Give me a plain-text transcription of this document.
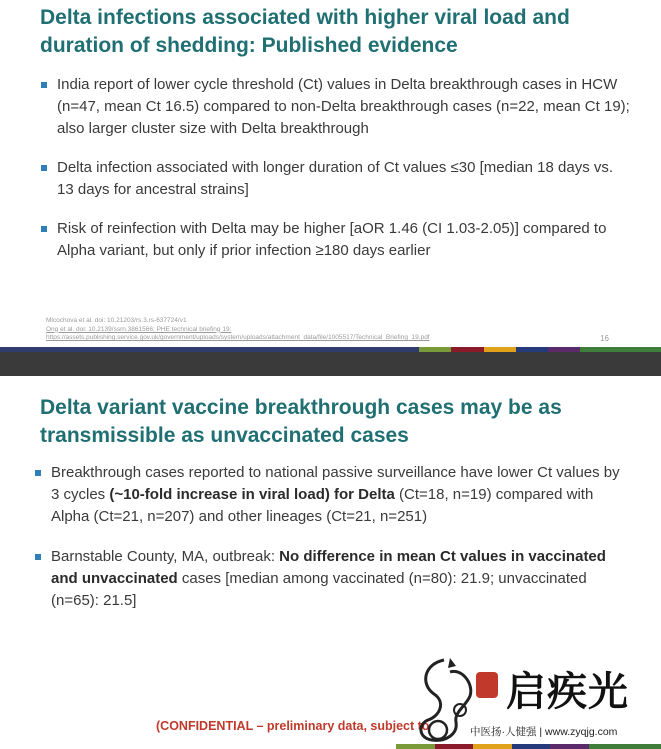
Delta infections associated with higher viral load and
duration of shedding: Published evidence
India report of lower cycle threshold (Ct) values in Delta breakthrough cases in HCW (n=47, mean Ct 16.5) compared to non-Delta breakthrough cases (n=22, mean Ct 19); also larger cluster size with Delta breakthrough
Delta infection associated with longer duration of Ct values ≤30 [median 18 days vs. 13 days for ancestral strains]
Risk of reinfection with Delta may be higher [aOR 1.46 (CI 1.03-2.05)] compared to Alpha variant, but only if prior infection ≥180 days earlier
Mlcochova et al. doi: 10.21203/rs.3.rs-637724/v1
Ong et al. doi: 10.2139/ssrn.3861566; PHE technical briefing 19:
https://assets.publishing.service.gov.uk/government/uploads/system/uploads/attachment_data/file/1005517/Technical_Briefing_19.pdf	16
Delta variant vaccine breakthrough cases may be as
transmissible as unvaccinated cases
Breakthrough cases reported to national passive surveillance have lower Ct values by 3 cycles (~10-fold increase in viral load) for Delta (Ct=18, n=19) compared with Alpha (Ct=21, n=207) and other lineages (Ct=21, n=251)
Barnstable County, MA, outbreak: No difference in mean Ct values in vaccinated and unvaccinated cases [median among vaccinated (n=80): 21.9; unvaccinated (n=65): 21.5]
(CONFIDENTIAL – preliminary data, subject to
启疾光
中医扬·人健强 | www.zyqjg.com
